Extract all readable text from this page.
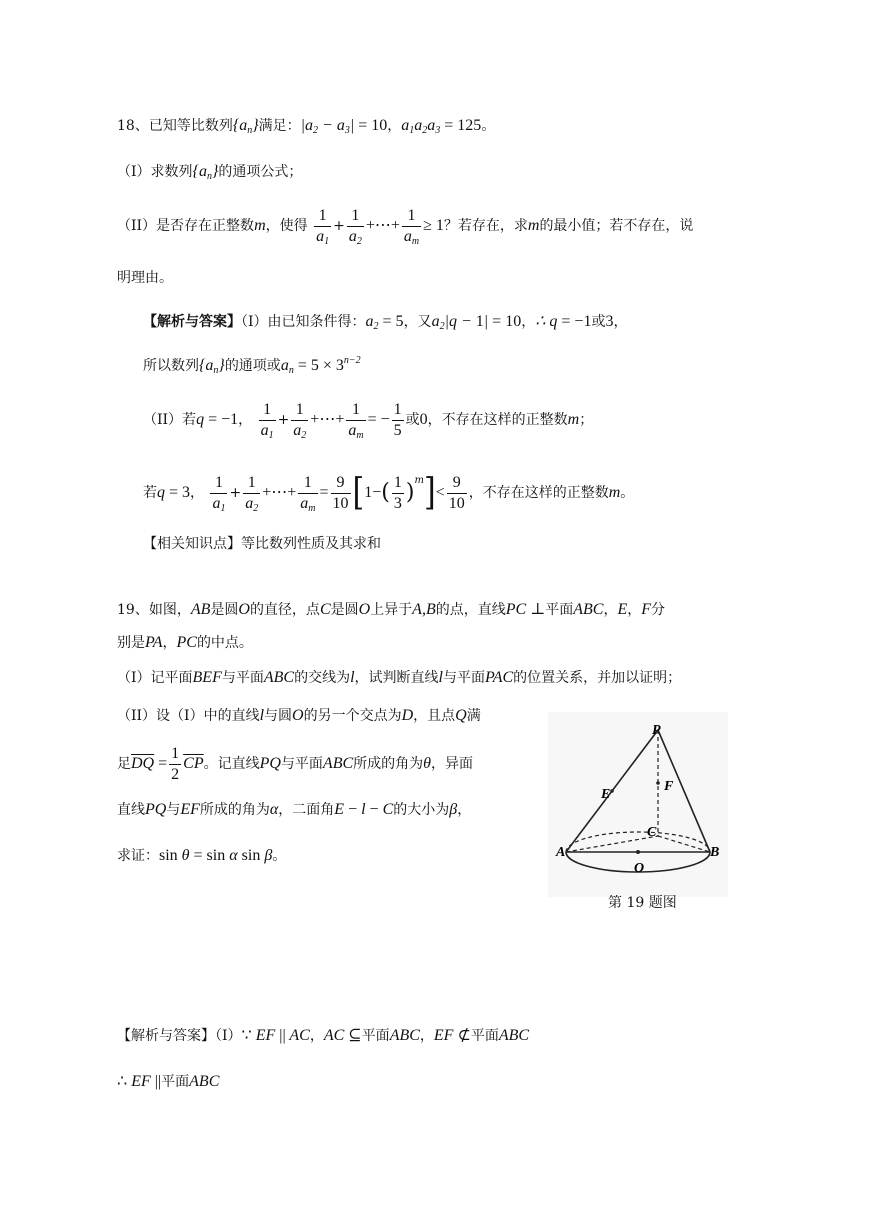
18、已知等比数列$\{a_n\}$满足：$|a_2 - a_3| = 10$，$a_1a_2a_3 = 125$。
（I）求数列$\{a_n\}$的通项公式；
（II）是否存在正整数m，使得 $\frac{1}{a_1} + \frac{1}{a_2}$ +⋯+ $\frac{1}{a_m} \ge 1$？若存在，求m的最小值；若不存在，说
明理由。
【解析与答案】（I）由已知条件得：$a_2 = 5$，又$a_2|q - 1| = 10$，∴ q = −1或3，
所以数列$\{a_n\}$的通项或$a_n = 5 \times 3^{n-2}$
（II）若q = −1， $\frac{1}{a_1} + \frac{1}{a_2}$ +⋯+ $\frac{1}{a_m}$ = − $\frac{1}{5}$ 或0，不存在这样的正整数m；
若q = 3， $\frac{1}{a_1} + \frac{1}{a_2}$ +⋯+ $\frac{1}{a_m} = \frac{9}{10} [1-( \frac{1}{3} )^m]< \frac{9}{10}$ ，不存在这样的正整数m。
【相关知识点】等比数列性质及其求和
19、如图，AB是圆O的直径，点C是圆O上异于A,B的点，直线PC ⊥平面ABC，E，F分
别是PA，PC的中点。
（I）记平面BEF与平面ABC的交线为l，试判断直线l与平面PAC的位置关系，并加以证明；
（II）设（I）中的直线l与圆O的另一个交点为D，且点Q满
足$\overline{DQ} = \frac{1}{2} \overline{CP}$。记直线PQ与平面ABC所成的角为θ，异面
直线PQ与EF所成的角为α，二面角E − l − C的大小为β，
求证：sin θ = sin α sin β。
P
E
F
C
A	B
O
第 19 题图
【解析与答案】（I）∵ EF || AC，AC ⊆平面ABC，EF ⊄平面ABC
∴ EF ||平面ABC
